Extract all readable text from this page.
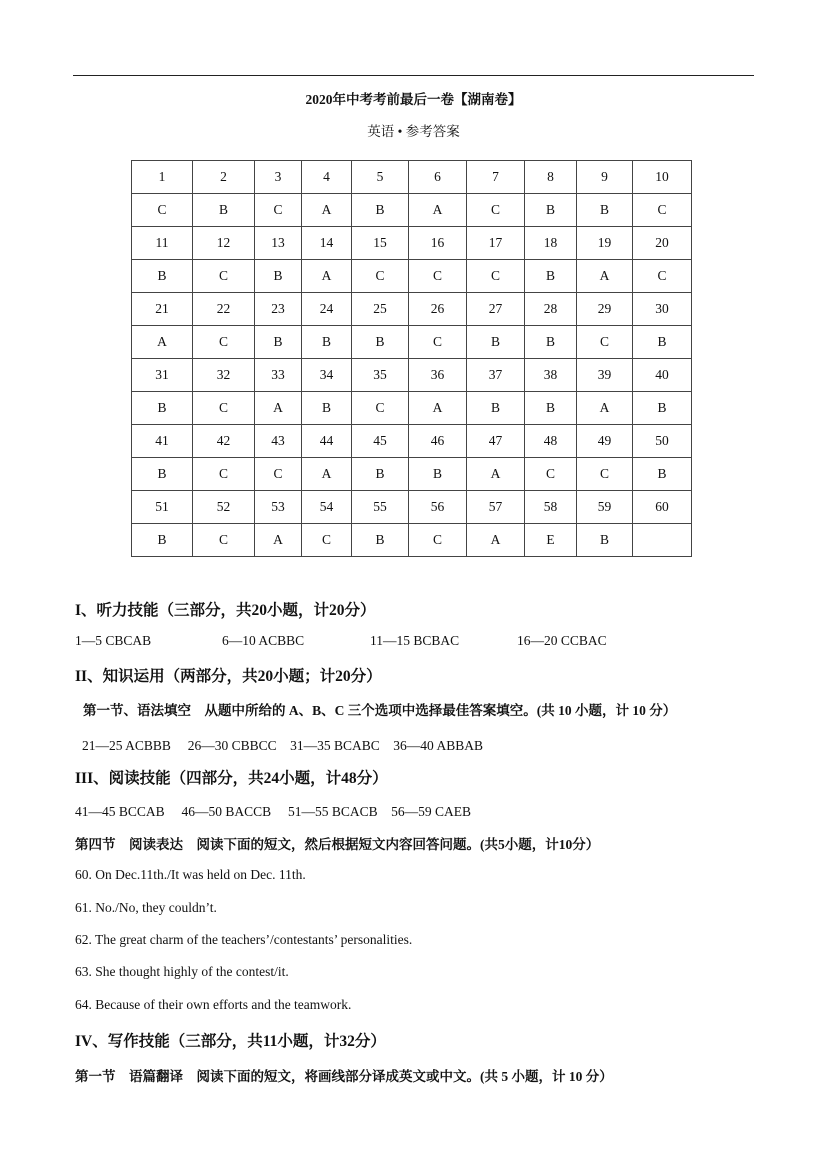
2020年中考考前最后一卷【湖南卷】
英语 • 参考答案
1	2	3	4	5	6	7	8	9	10
C	B	C	A	B	A	C	B	B	C
11	12	13	14	15	16	17	18	19	20
B	C	B	A	C	C	C	B	A	C
21	22	23	24	25	26	27	28	29	30
A	C	B	B	B	C	B	B	C	B
31	32	33	34	35	36	37	38	39	40
B	C	A	B	C	A	B	B	A	B
41	42	43	44	45	46	47	48	49	50
B	C	C	A	B	B	A	C	C	B
51	52	53	54	55	56	57	58	59	60
B	C	A	C	B	C	A	E	B	
I、听力技能（三部分，共20小题，计20分）
1—5 CBCAB	6—10 ACBBC	11—15 BCBAC	16—20 CCBAC
II、知识运用（两部分，共20小题；计20分）
第一节、语法填空　从题中所给的 A、B、C 三个选项中选择最佳答案填空。(共 10 小题，计 10 分）
21—25 ACBBB　 26—30 CBBCC　31—35 BCABC　36—40 ABBAB
III、阅读技能（四部分，共24小题，计48分）
41—45 BCCAB　 46—50 BACCB　 51—55 BCACB　56—59 CAEB
第四节　阅读表达　阅读下面的短文，然后根据短文内容回答问题。(共5小题，计10分）
60. On Dec.11th./It was held on Dec. 11th.
61. No./No, they couldn’t.
62. The great charm of the teachers’/contestants’ personalities.
63. She thought highly of the contest/it.
64. Because of their own efforts and the teamwork.
IV、写作技能（三部分，共11小题，计32分）
第一节　语篇翻译　阅读下面的短文，将画线部分译成英文或中文。(共 5 小题，计 10 分）
